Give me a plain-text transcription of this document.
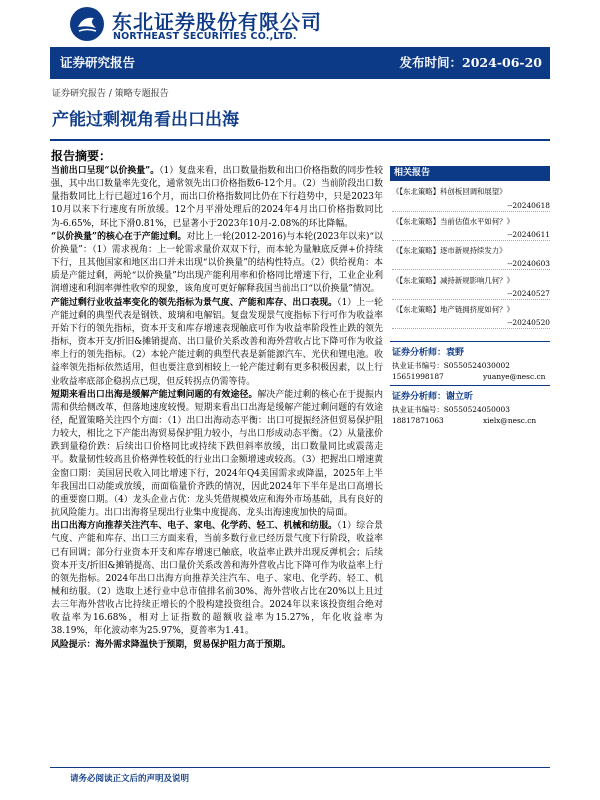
东北证券股份有限公司
NORTHEAST SECURITIES CO.,LTD.
证券研究报告	发布时间：2024-06-20
证券研究报告 / 策略专题报告
产能过剩视角看出口出海
报告摘要：

当前出口呈现“以价换量”。（1）复盘来看，出口数量指数和出口价格指数的同步性较强，其中出口数量率先变化，通常领先出口价格指数6-12个月。（2）当前阶段出口数量指数同比上行已超过16个月，而出口价格指数同比仍在下行趋势中，只是2023年10月以来下行速度有所放缓。12个月平滑处理后的2024年4月出口价格指数同比为-6.65%，环比下滑0.81%，已显著小于2023年10月-2.08%的环比降幅。

“以价换量”的核心在于产能过剩。对比上一轮(2012-2016)与本轮(2023年以来)“以价换量”：（1）需求视角：上一轮需求量价双双下行，而本轮为量触底反弹+价持续下行，且其他国家和地区出口并未出现“以价换量”的结构性特点。（2）供给视角：本质是产能过剩，两轮“以价换量”均出现产能利用率和价格同比增速下行，工业企业利润增速和利润率弹性收窄的现象，该角度可更好解释我国当前出口“以价换量”情况。

产能过剩行业收益率变化的领先指标为景气度、产能和库存、出口表现。（1）上一轮产能过剩的典型代表是钢铁、玻璃和电解铝。复盘发现景气度指标下行可作为收益率开始下行的领先指标，资本开支和库存增速表现触底可作为收益率阶段性止跌的领先指标，资本开支/折旧&摊销提高、出口量价关系改善和海外营收占比下降可作为收益率上行的领先指标。（2）本轮产能过剩的典型代表是新能源汽车、光伏和锂电池。收益率领先指标依然适用，但也要注意到相较上一轮产能过剩有更多积极因素，以上行业收益率底部企稳拐点已现，但反转拐点仍需等待。

短期来看出口出海是缓解产能过剩问题的有效途径。解决产能过剩的核心在于提振内需和供给侧改革，但落地速度较慢。短期来看出口出海是缓解产能过剩问题的有效途径，配置策略关注四个方面：（1）出口出海动态平衡：出口可提振经济但贸易保护阻力较大，相比之下产能出海贸易保护阻力较小，与出口形成动态平衡。（2）从量涨价跌到量稳价跌：后续出口价格同比或持续下跌但斜率放缓，出口数量同比或震荡走平。数量韧性较高且价格弹性较低的行业出口金额增速或较高。（3）把握出口增速黄金窗口期：美国居民收入同比增速下行，2024年Q4美国需求或降温，2025年上半年我国出口动能或放缓，而面临量价齐跌的情况，因此2024年下半年是出口高增长的重要窗口期。（4）龙头企业占优：龙头凭借规模效应和海外市场基础，具有良好的抗风险能力。出口出海将呈现出行业集中度提高、龙头出海速度加快的局面。

出口出海方向推荐关注汽车、电子、家电、化学药、轻工、机械和纺服。（1）综合景气度、产能和库存、出口三方面来看，当前多数行业已经历景气度下行阶段，收益率已有回调；部分行业资本开支和库存增速已触底，收益率止跌并出现反弹机会；后续资本开支/折旧&摊销提高、出口量价关系改善和海外营收占比下降可作为收益率上行的领先指标。2024年出口出海方向推荐关注汽车、电子、家电、化学药、轻工、机械和纺服。（2）选取上述行业中总市值排名前30%、海外营收占比在20%以上且过去三年海外营收占比持续正增长的个股构建投资组合。2024年以来该投资组合绝对收益率为16.68%，相对上证指数的超额收益率为15.27%，年化收益率为38.19%，年化波动率为25.97%，夏普率为1.41。

风险提示：海外需求降温快于预期，贸易保护阻力高于预期。

相关报告
《【东北策略】科创板回调和展望》
--20240618
《【东北策略】当前估值水平如何？》
--20240611
《【东北策略】逐市新规持续发力》
--20240603
《【东北策略】减持新规影响几何？》
--20240527
《【东北策略】地产链拥挤度如何？》
--20240520
证券分析师：袁野
执业证书编号：S0550524030002
15651998187	yuanye@nesc.cn
证券分析师：谢立昕
执业证书编号：S0550524050003
18817871063	xielx@nesc.cn
请务必阅读正文后的声明及说明
